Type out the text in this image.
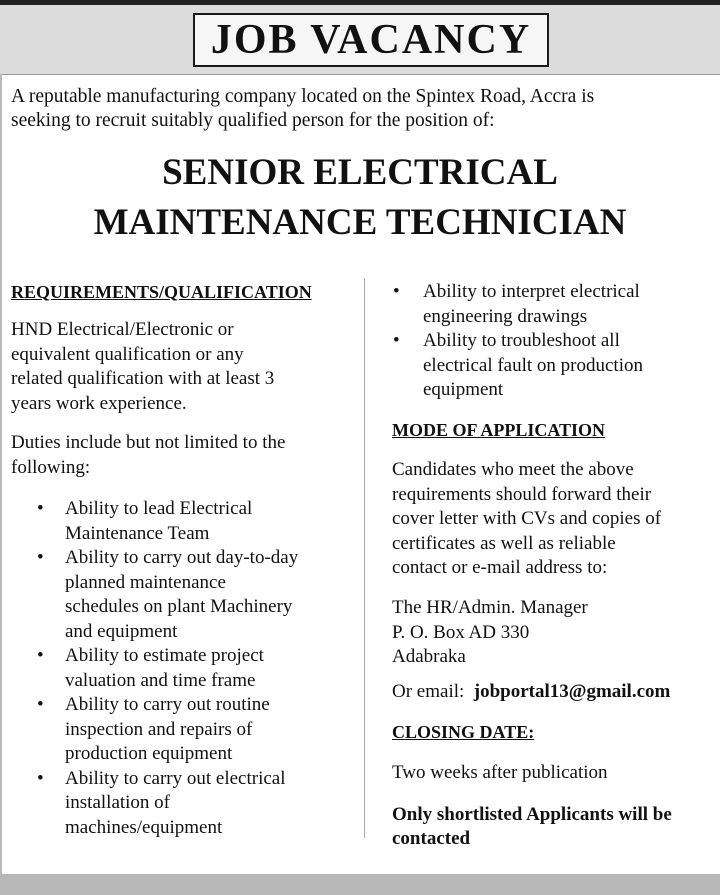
JOB VACANCY
A reputable manufacturing company located on the Spintex Road, Accra is
seeking to recruit suitably qualified person for the position of:
SENIOR ELECTRICAL
MAINTENANCE TECHNICIAN
REQUIREMENTS/QUALIFICATION
HND Electrical/Electronic or
equivalent qualification or any
related qualification with at least 3
years work experience.
Duties include but not limited to the
following:
• Ability to lead Electrical
Maintenance Team
• Ability to carry out day-to-day
planned maintenance
schedules on plant Machinery
and equipment
• Ability to estimate project
valuation and time frame
• Ability to carry out routine
inspection and repairs of
production equipment
• Ability to carry out electrical
installation of
machines/equipment
• Ability to interpret electrical
engineering drawings
• Ability to troubleshoot all
electrical fault on production
equipment
MODE OF APPLICATION
Candidates who meet the above
requirements should forward their
cover letter with CVs and copies of
certificates as well as reliable
contact or e-mail address to:
The HR/Admin. Manager
P. O. Box AD 330
Adabraka
Or email: jobportal13@gmail.com
CLOSING DATE:
Two weeks after publication
Only shortlisted Applicants will be
contacted
